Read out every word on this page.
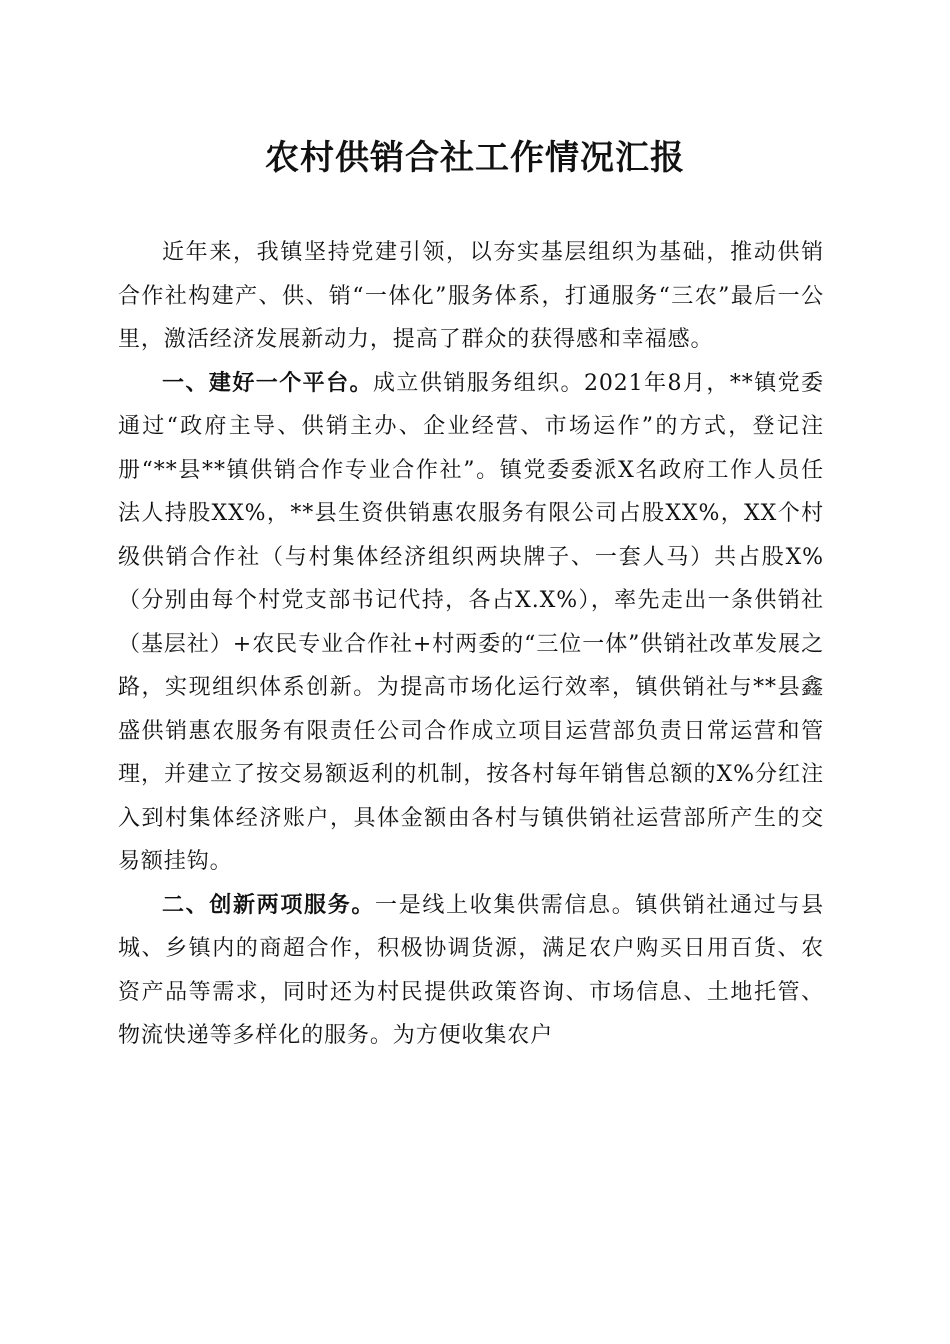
农村供销合社工作情况汇报

近年来，我镇坚持党建引领，以夯实基层组织为基础，推动供销合作社构建产、供、销“一体化”服务体系，打通服务“三农”最后一公里，激活经济发展新动力，提高了群众的获得感和幸福感。

一、建好一个平台。成立供销服务组织。2021年8月，**镇党委通过“政府主导、供销主办、企业经营、市场运作”的方式，登记注册“**县**镇供销合作专业合作社”。镇党委委派X名政府工作人员任法人持股XX%，**县生资供销惠农服务有限公司占股XX%，XX个村级供销合作社（与村集体经济组织两块牌子、一套人马）共占股X%（分别由每个村党支部书记代持，各占X.X%），率先走出一条供销社（基层社）+农民专业合作社+村两委的“三位一体”供销社改革发展之路，实现组织体系创新。为提高市场化运行效率，镇供销社与**县鑫盛供销惠农服务有限责任公司合作成立项目运营部负责日常运营和管理，并建立了按交易额返利的机制，按各村每年销售总额的X%分红注入到村集体经济账户，具体金额由各村与镇供销社运营部所产生的交易额挂钩。

二、创新两项服务。一是线上收集供需信息。镇供销社通过与县城、乡镇内的商超合作，积极协调货源，满足农户购买日用百货、农资产品等需求，同时还为村民提供政策咨询、市场信息、土地托管、物流快递等多样化的服务。为方便收集农户
